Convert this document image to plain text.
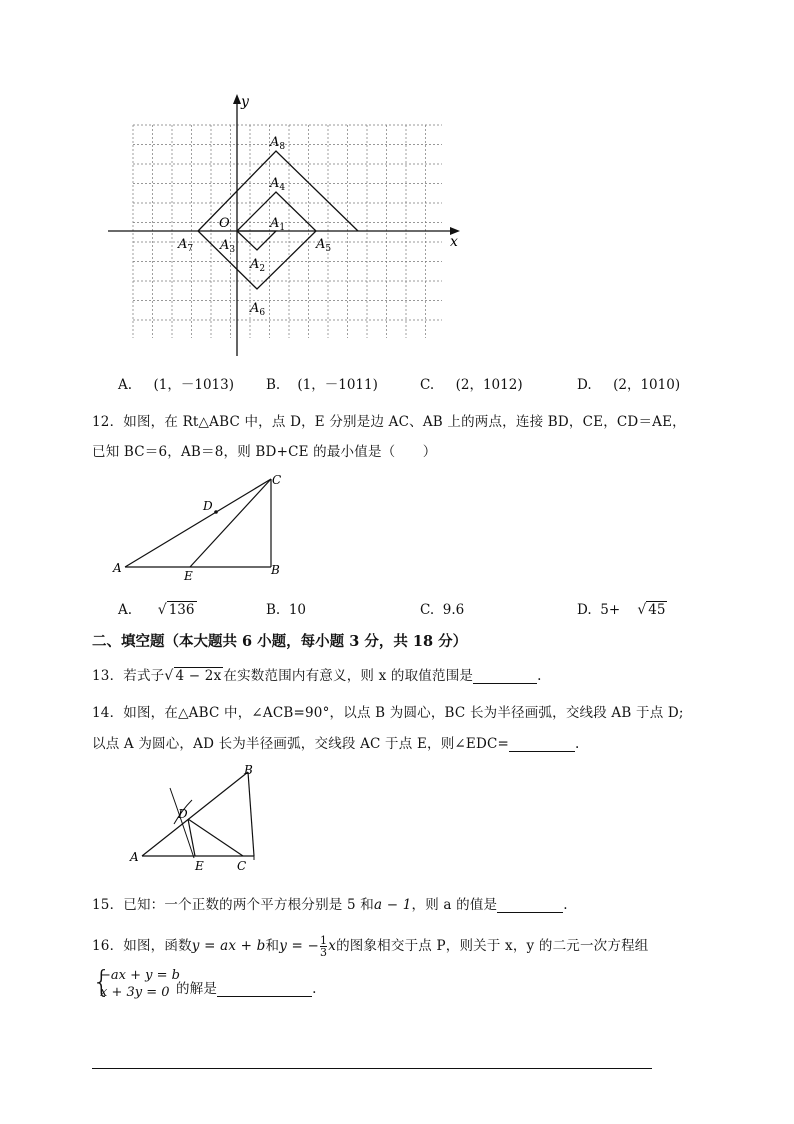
x
y
O	$A_1$
$A_2$
$A_3$
$A_4$
$A_5$
$A_6$
$A_7$
$A_8$
A. (1，－1013) B. (1，－1011)	C. (2，1012)	D. (2，1010)
12．如图，在 Rt△ABC 中，点 D，E 分别是边 AC、AB 上的两点，连接 BD，CE，CD＝AE，
已知 BC＝6，AB＝8，则 BD+CE 的最小值是（　　）
A	B
C
D
E
A. √ 136	B. 10	C. 9.6	D. 5+ √ 45
二、填空题（本大题共 6 小题，每小题 3 分，共 18 分）
13．若式子√ 4 − 2x 在实数范围内有意义，则 x 的取值范围是	.
14．如图，在△ABC 中，∠ACB=90°，以点 B 为圆心，BC 长为半径画弧，交线段 AB 于点 D;
以点 A 为圆心，AD 长为半径画弧，交线段 AC 于点 E，则∠EDC=	.
A
B
C
D
E
15．已知：一个正数的两个平方根分别是 5 和a − 1，则 a 的值是	.
16．如图，函数y = ax + b和y = − $\frac{1}{3}$ x的图象相交于点 P，则关于 x，y 的二元一次方程组
{
−ax + y = b
x + 3y = 0 的解是	.
